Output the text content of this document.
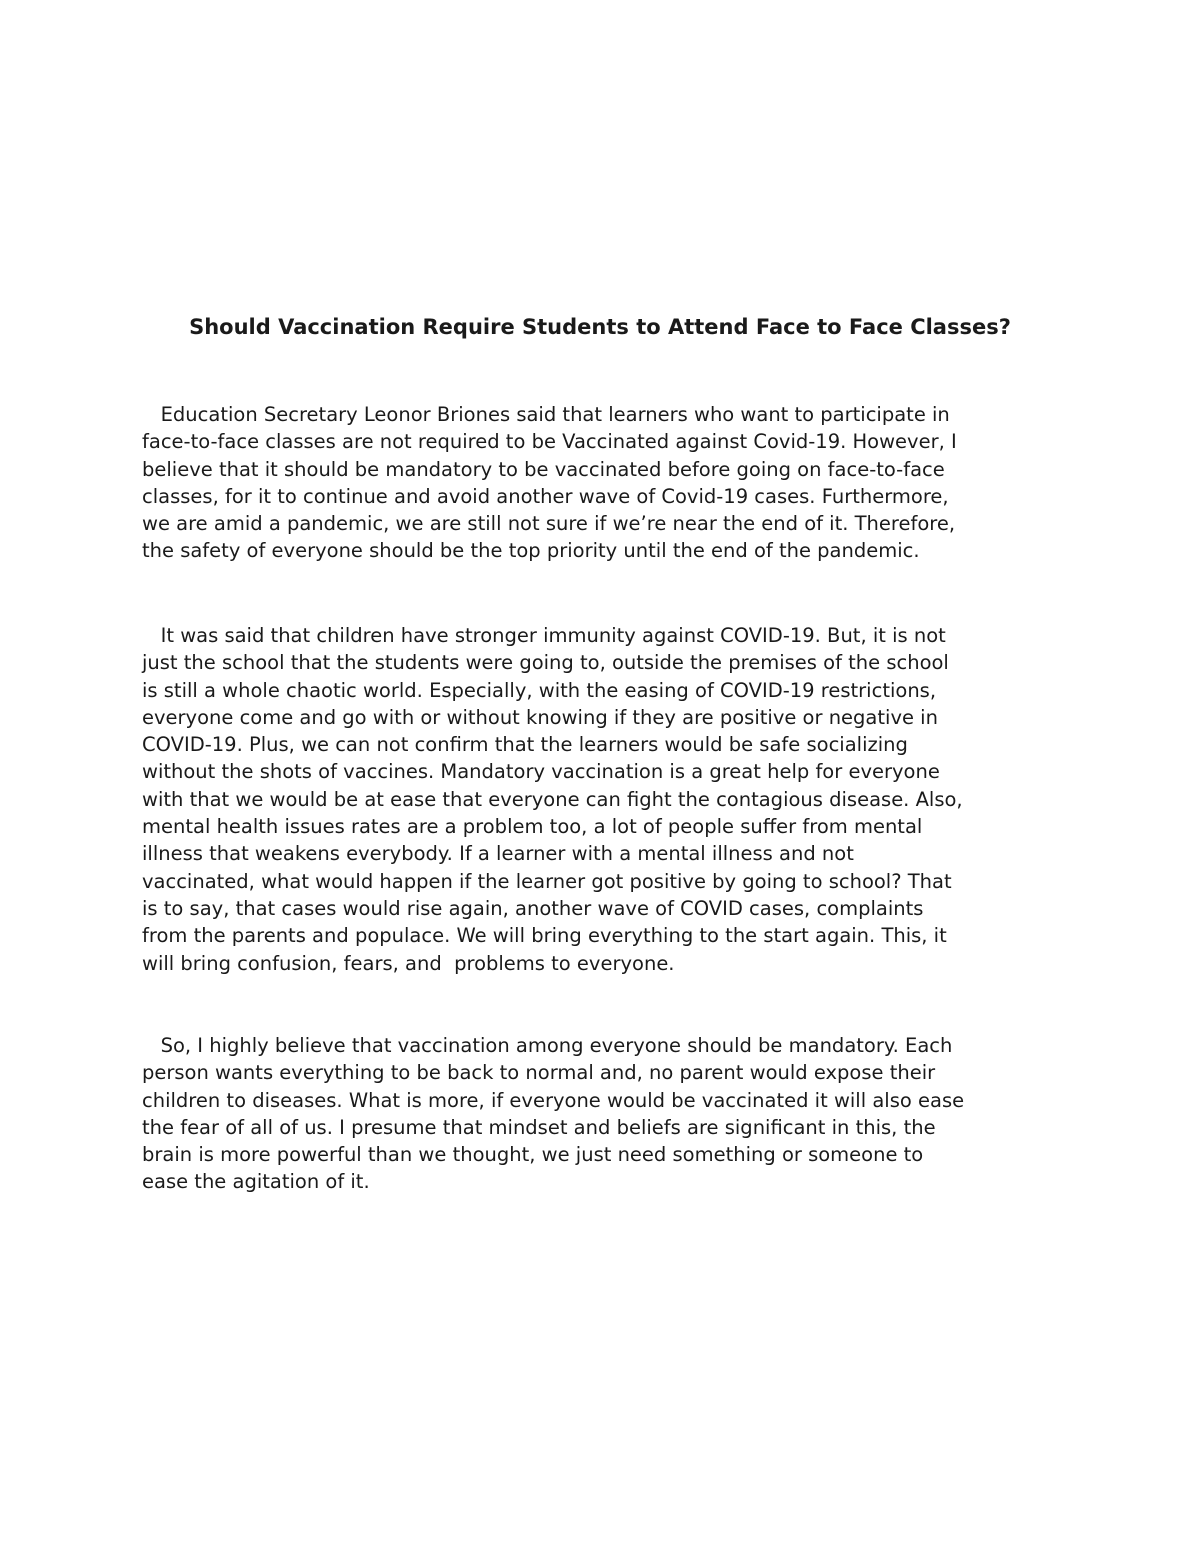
Should Vaccination Require Students to Attend Face to Face Classes?
Education Secretary Leonor Briones said that learners who want to participate in
face-to-face classes are not required to be Vaccinated against Covid-19. However, I
believe that it should be mandatory to be vaccinated before going on face-to-face
classes, for it to continue and avoid another wave of Covid-19 cases. Furthermore,
we are amid a pandemic, we are still not sure if we’re near the end of it. Therefore,
the safety of everyone should be the top priority until the end of the pandemic.
It was said that children have stronger immunity against COVID-19. But, it is not
just the school that the students were going to, outside the premises of the school
is still a whole chaotic world. Especially, with the easing of COVID-19 restrictions,
everyone come and go with or without knowing if they are positive or negative in
COVID-19. Plus, we can not confirm that the learners would be safe socializing
without the shots of vaccines. Mandatory vaccination is a great help for everyone
with that we would be at ease that everyone can fight the contagious disease. Also,
mental health issues rates are a problem too, a lot of people suffer from mental
illness that weakens everybody. If a learner with a mental illness and not
vaccinated, what would happen if the learner got positive by going to school? That
is to say, that cases would rise again, another wave of COVID cases, complaints
from the parents and populace. We will bring everything to the start again. This, it
will bring confusion, fears, and  problems to everyone.
So, I highly believe that vaccination among everyone should be mandatory. Each
person wants everything to be back to normal and, no parent would expose their
children to diseases. What is more, if everyone would be vaccinated it will also ease
the fear of all of us. I presume that mindset and beliefs are significant in this, the
brain is more powerful than we thought, we just need something or someone to
ease the agitation of it.
